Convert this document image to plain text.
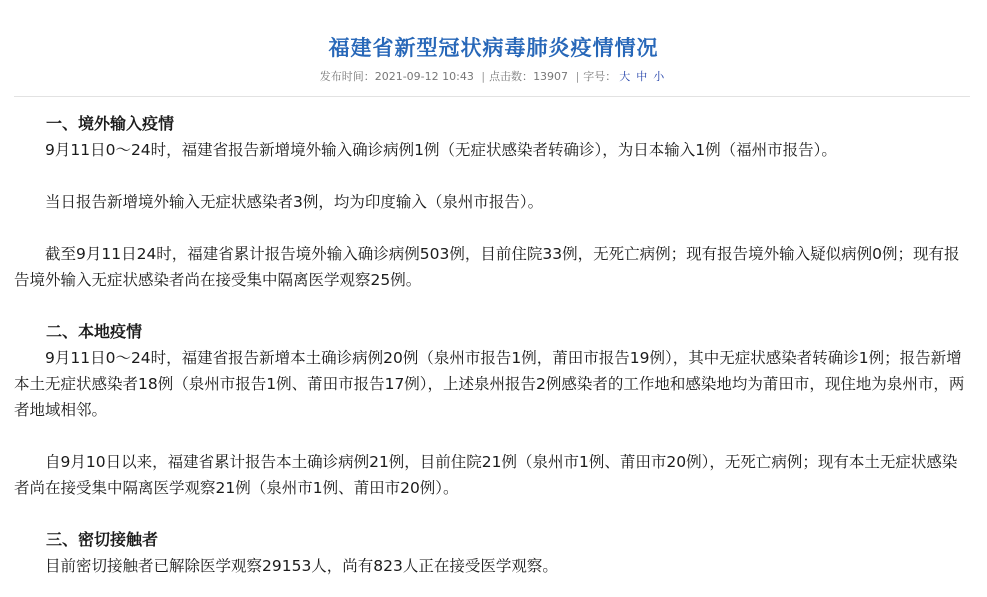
福建省新型冠状病毒肺炎疫情情况
发布时间：2021-09-12 10:43 | 点击数：13907 | 字号： 大 中 小

一、境外输入疫情

9月11日0～24时，福建省报告新增境外输入确诊病例1例（无症状感染者转确诊），为日本输入1例（福州市报告）。

当日报告新增境外输入无症状感染者3例，均为印度输入（泉州市报告）。

截至9月11日24时，福建省累计报告境外输入确诊病例503例，目前住院33例，无死亡病例；现有报告境外输入疑似病例0例；现有报告境外输入无症状感染者尚在接受集中隔离医学观察25例。

二、本地疫情

9月11日0～24时，福建省报告新增本土确诊病例20例（泉州市报告1例，莆田市报告19例），其中无症状感染者转确诊1例；报告新增本土无症状感染者18例（泉州市报告1例、莆田市报告17例），上述泉州报告2例感染者的工作地和感染地均为莆田市，现住地为泉州市，两者地域相邻。

自9月10日以来，福建省累计报告本土确诊病例21例，目前住院21例（泉州市1例、莆田市20例），无死亡病例；现有本土无症状感染者尚在接受集中隔离医学观察21例（泉州市1例、莆田市20例）。

三、密切接触者

目前密切接触者已解除医学观察29153人，尚有823人正在接受医学观察。
